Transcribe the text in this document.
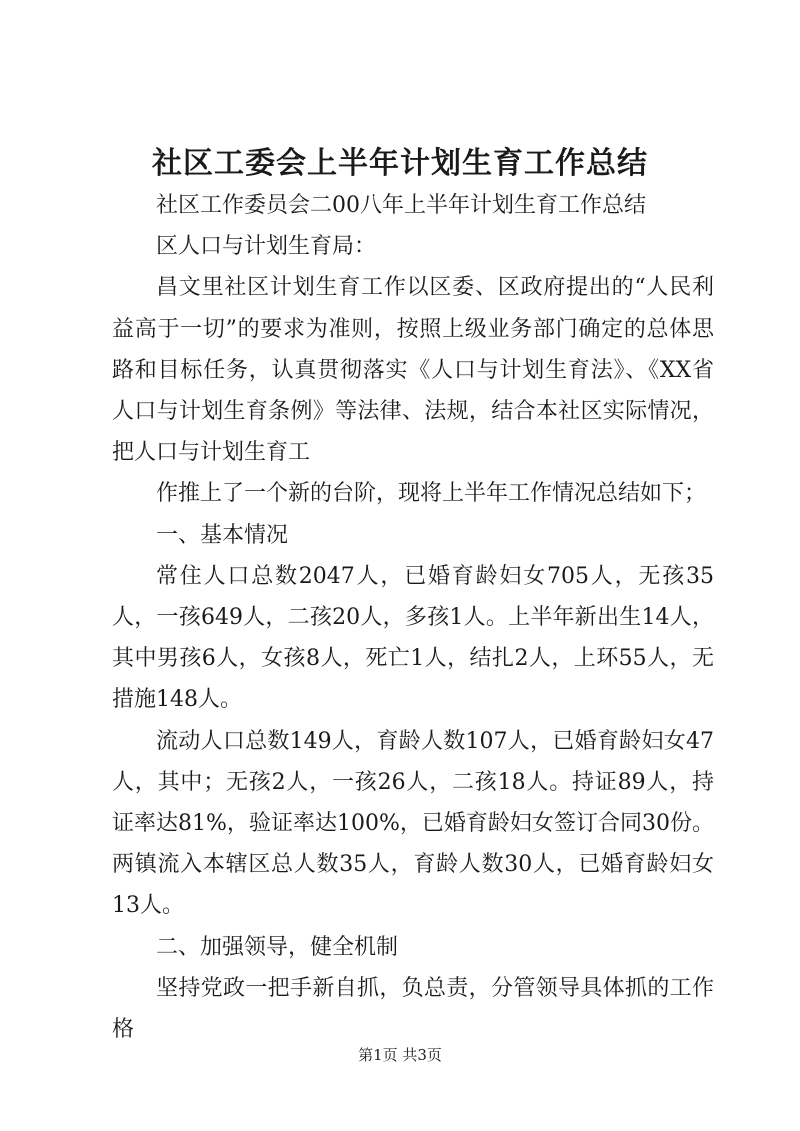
社区工委会上半年计划生育工作总结

社区工作委员会二00八年上半年计划生育工作总结

区人口与计划生育局：

昌文里社区计划生育工作以区委、区政府提出的“人民利益高于一切”的要求为准则，按照上级业务部门确定的总体思路和目标任务，认真贯彻落实《人口与计划生育法》、《XX省人口与计划生育条例》等法律、法规，结合本社区实际情况，把人口与计划生育工

作推上了一个新的台阶，现将上半年工作情况总结如下；

一、基本情况

常住人口总数2047人，已婚育龄妇女705人，无孩35人，一孩649人，二孩20人，多孩1人。上半年新出生14人，其中男孩6人，女孩8人，死亡1人，结扎2人，上环55人，无措施148人。

流动人口总数149人，育龄人数107人，已婚育龄妇女47人，其中；无孩2人，一孩26人，二孩18人。持证89人，持证率达81%，验证率达100%，已婚育龄妇女签订合同30份。两镇流入本辖区总人数35人，育龄人数30人，已婚育龄妇女13人。

二、加强领导，健全机制

坚持党政一把手新自抓，负总责，分管领导具体抓的工作格

第1页 共3页
